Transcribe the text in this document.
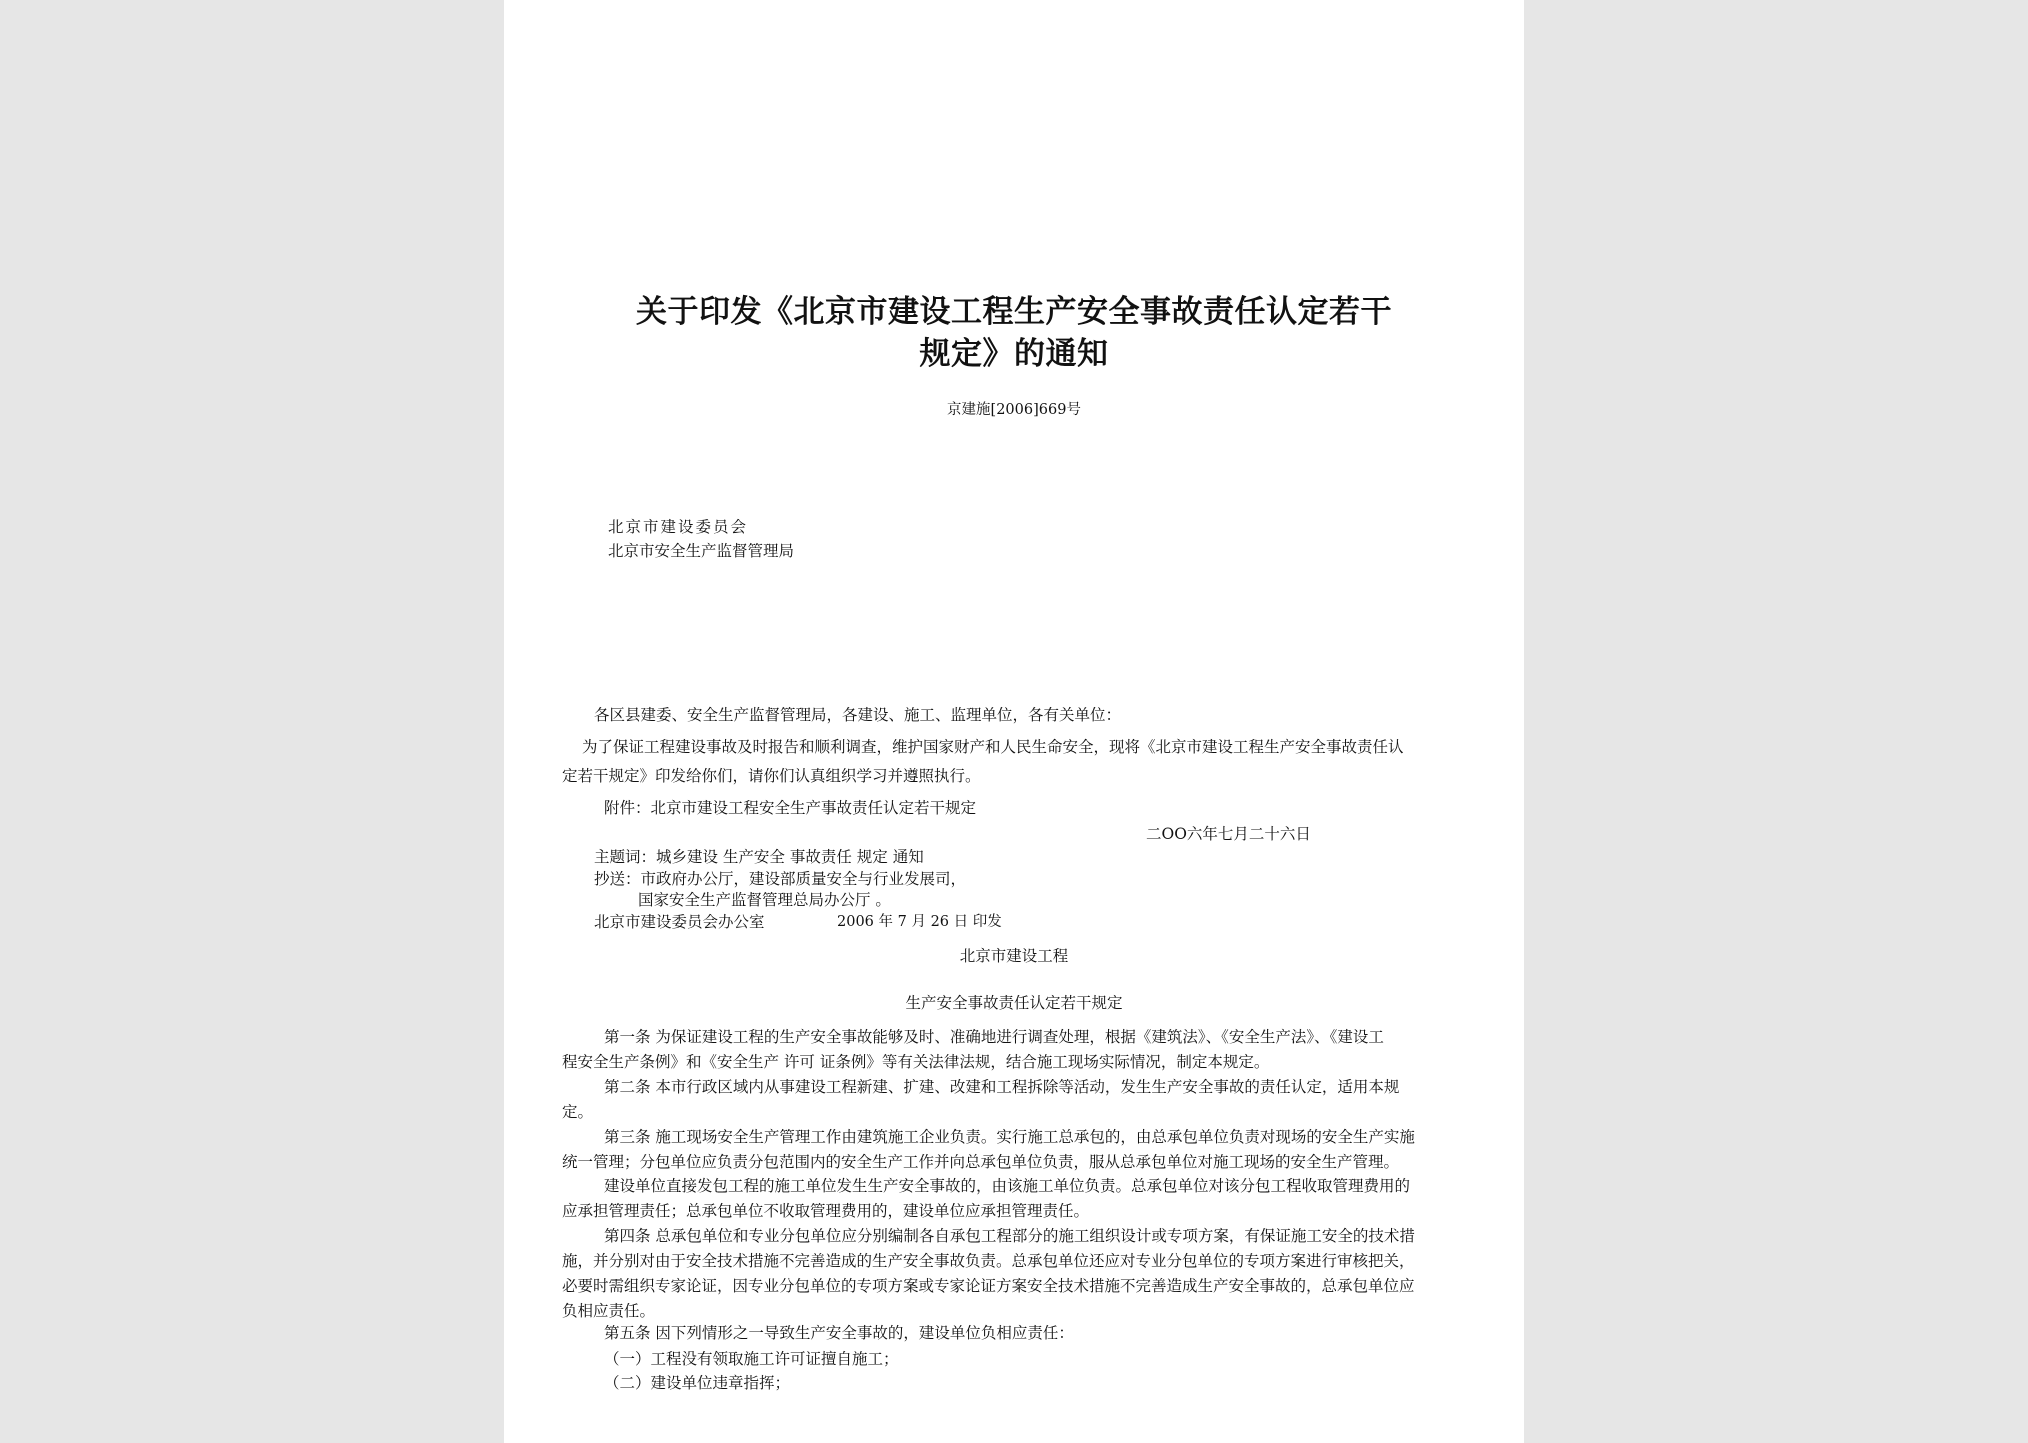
关于印发《北京市建设工程生产安全事故责任认定若干
规定》的通知
京建施[2006]669号
北京市建设委员会
北京市安全生产监督管理局
各区县建委、安全生产监督管理局，各建设、施工、监理单位，各有关单位：
为了保证工程建设事故及时报告和顺利调查，维护国家财产和人民生命安全，现将《北京市建设工程生产安全事故责任认
定若干规定》印发给你们，请你们认真组织学习并遵照执行。
附件：北京市建设工程安全生产事故责任认定若干规定
二OO六年七月二十六日
主题词：城乡建设 生产安全 事故责任 规定 通知
抄送：市政府办公厅，建设部质量安全与行业发展司，
国家安全生产监督管理总局办公厅 。
北京市建设委员会办公室	2006 年 7 月 26 日 印发
北京市建设工程
生产安全事故责任认定若干规定
第一条 为保证建设工程的生产安全事故能够及时、准确地进行调查处理，根据《建筑法》、《安全生产法》、《建设工
程安全生产条例》和《安全生产 许可 证条例》等有关法律法规，结合施工现场实际情况，制定本规定。
第二条 本市行政区域内从事建设工程新建、扩建、改建和工程拆除等活动，发生生产安全事故的责任认定，适用本规
定。
第三条 施工现场安全生产管理工作由建筑施工企业负责。实行施工总承包的，由总承包单位负责对现场的安全生产实施
统一管理；分包单位应负责分包范围内的安全生产工作并向总承包单位负责，服从总承包单位对施工现场的安全生产管理。
建设单位直接发包工程的施工单位发生生产安全事故的，由该施工单位负责。总承包单位对该分包工程收取管理费用的
应承担管理责任；总承包单位不收取管理费用的，建设单位应承担管理责任。
第四条 总承包单位和专业分包单位应分别编制各自承包工程部分的施工组织设计或专项方案，有保证施工安全的技术措
施，并分别对由于安全技术措施不完善造成的生产安全事故负责。总承包单位还应对专业分包单位的专项方案进行审核把关，
必要时需组织专家论证，因专业分包单位的专项方案或专家论证方案安全技术措施不完善造成生产安全事故的，总承包单位应
负相应责任。
第五条 因下列情形之一导致生产安全事故的，建设单位负相应责任：
（一）工程没有领取施工许可证擅自施工；
（二）建设单位违章指挥；
